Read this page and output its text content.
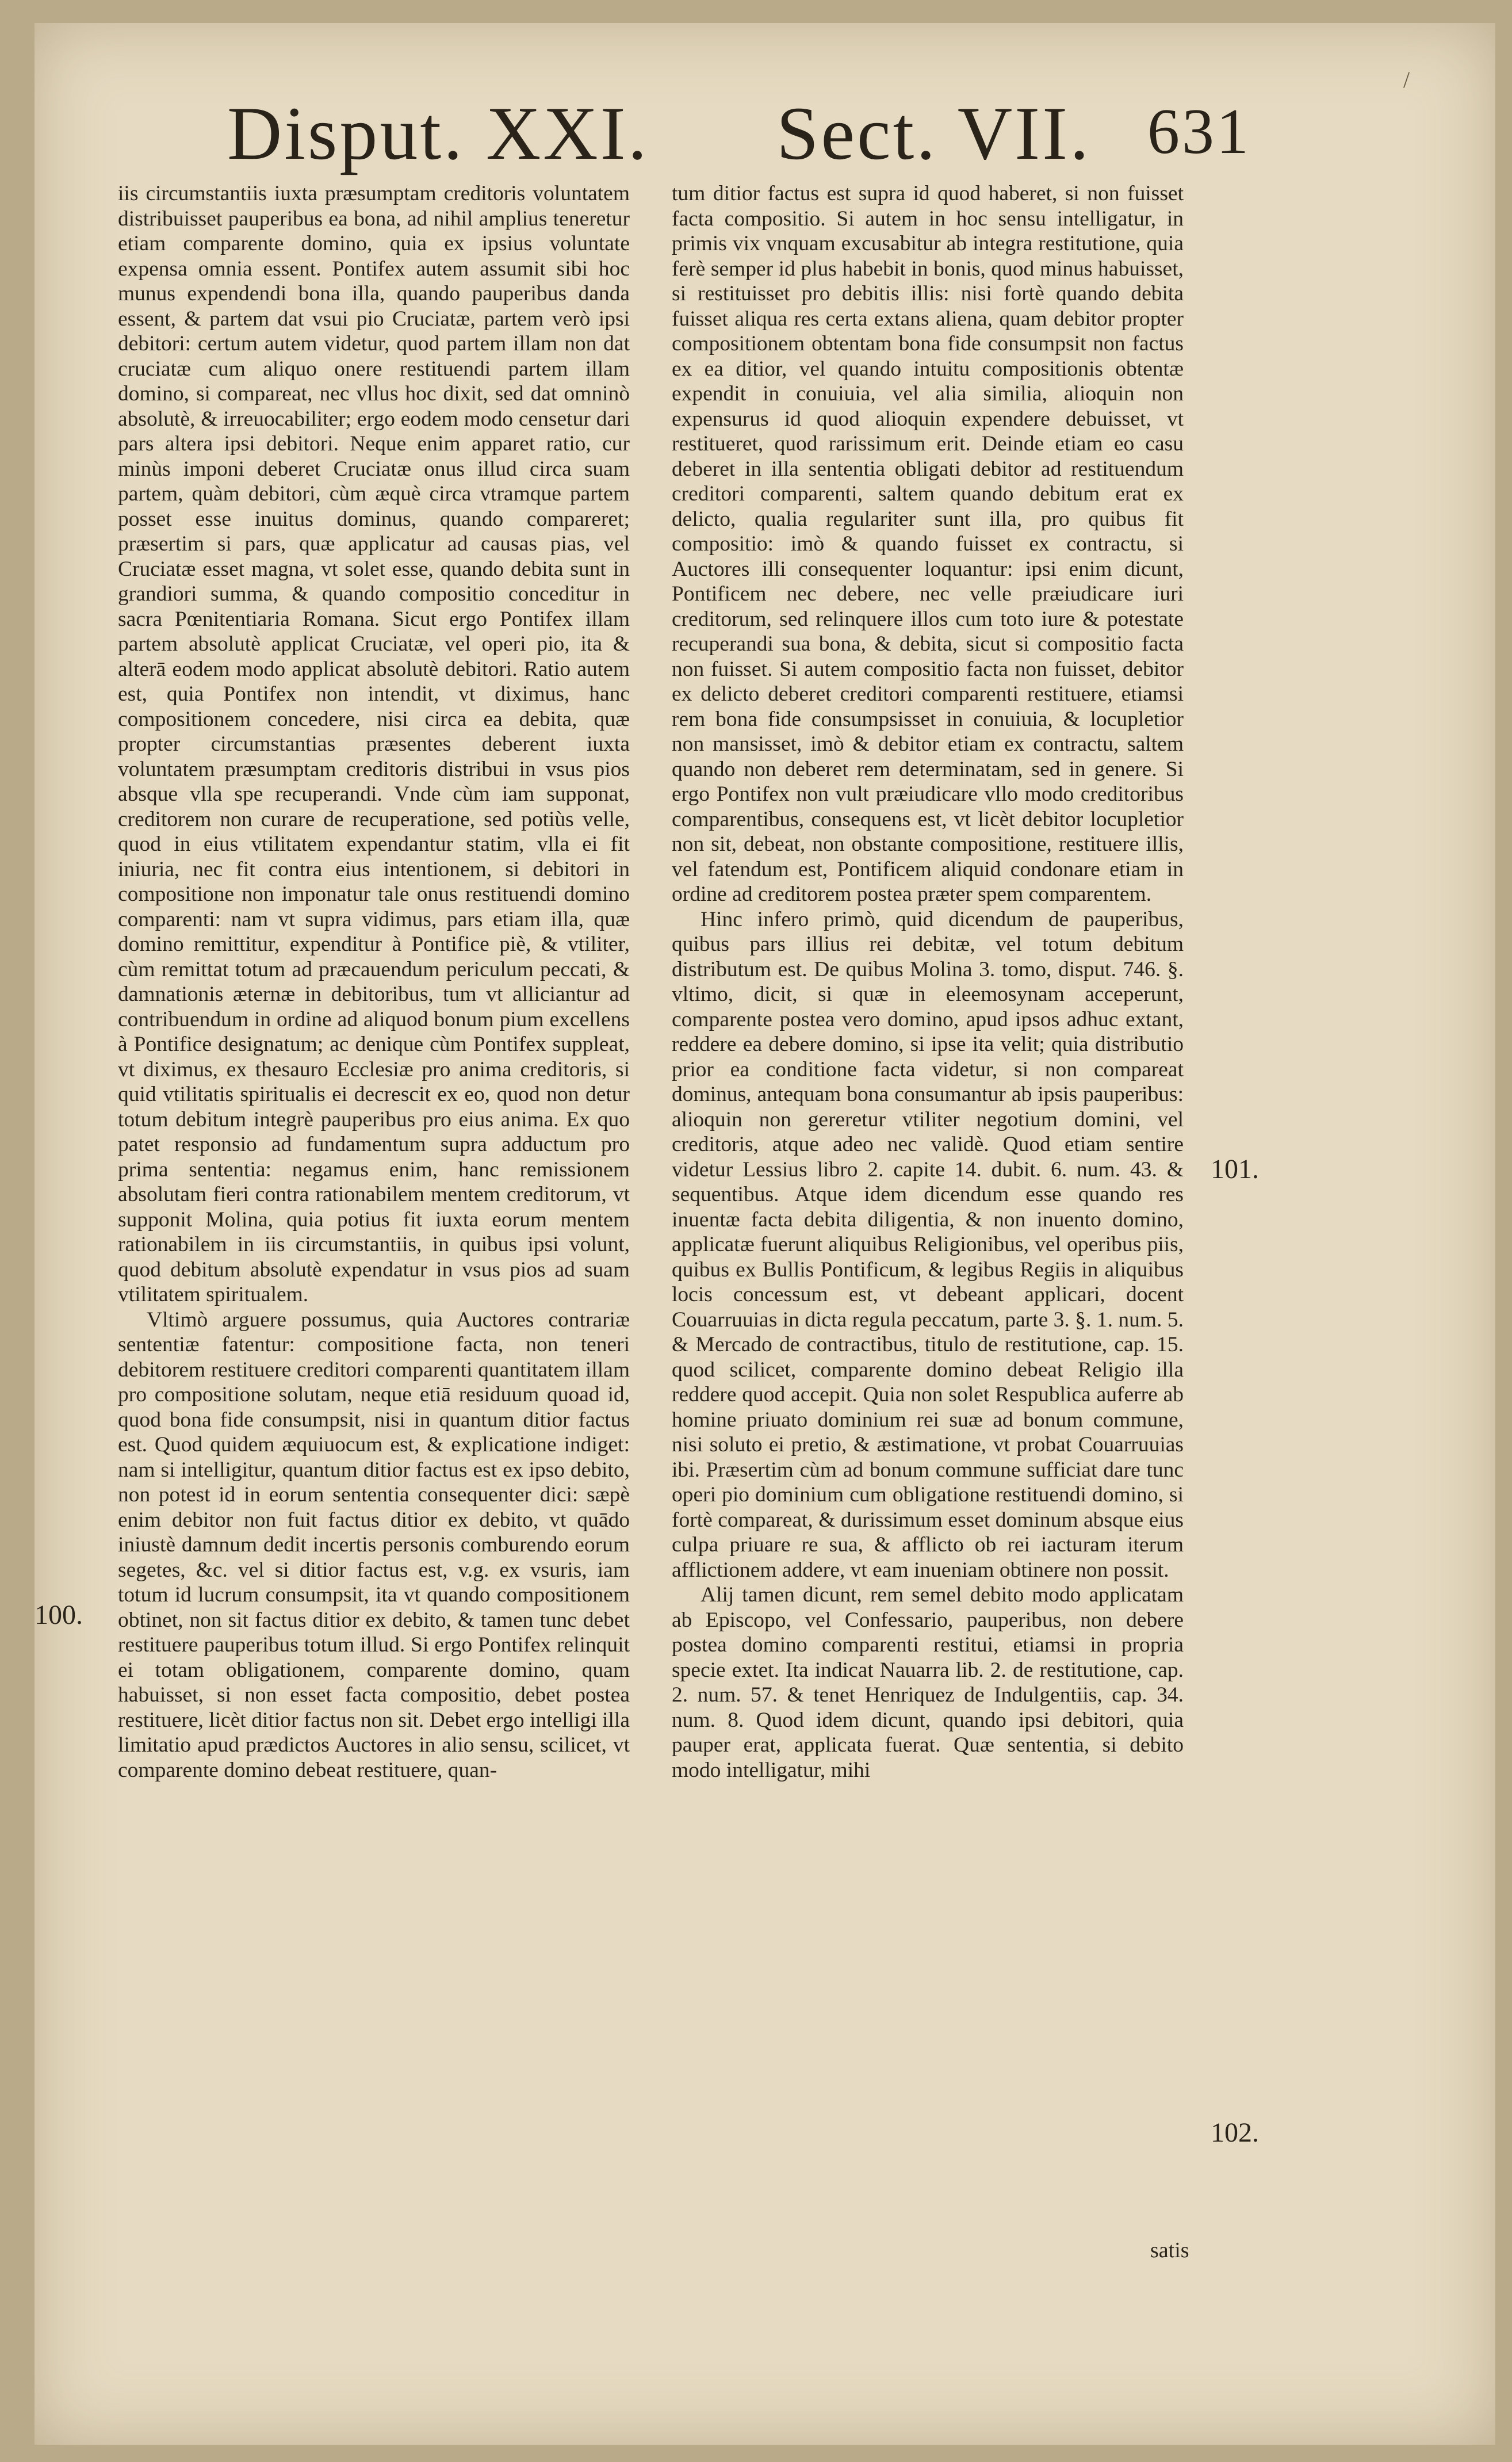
/
Disput. XXI. Sect. VII. 631

iis circumstantiis iuxta præsumptam creditoris voluntatem distribuisset pauperibus ea bona, ad nihil amplius teneretur etiam comparente domino, quia ex ipsius voluntate expensa omnia essent. Pontifex autem assumit sibi hoc munus expendendi bona illa, quando pauperibus danda essent, & partem dat vsui pio Cruciatæ, partem verò ipsi debitori: certum autem videtur, quod partem illam non dat cruciatæ cum aliquo onere restituendi partem illam domino, si compareat, nec vllus hoc dixit, sed dat omninò absolutè, & irreuocabiliter; ergo eodem modo censetur dari pars altera ipsi debitori. Neque enim apparet ratio, cur minùs imponi deberet Cruciatæ onus illud circa suam partem, quàm debitori, cùm æquè circa vtramque partem posset esse inuitus dominus, quando compareret; præsertim si pars, quæ applicatur ad causas pias, vel Cruciatæ esset magna, vt solet esse, quando debita sunt in grandiori summa, & quando compositio conceditur in sacra Pœnitentiaria Romana. Sicut ergo Pontifex illam partem absolutè applicat Cruciatæ, vel operi pio, ita & alterā eodem modo applicat absolutè debitori. Ratio autem est, quia Pontifex non intendit, vt diximus, hanc compositionem concedere, nisi circa ea debita, quæ propter circumstantias præsentes deberent iuxta voluntatem præsumptam creditoris distribui in vsus pios absque vlla spe recuperandi. Vnde cùm iam supponat, creditorem non curare de recuperatione, sed potiùs velle, quod in eius vtilitatem expendantur statim, vlla ei fit iniuria, nec fit contra eius intentionem, si debitori in compositione non imponatur tale onus restituendi domino comparenti: nam vt supra vidimus, pars etiam illa, quæ domino remittitur, expenditur à Pontifice piè, & vtiliter, cùm remittat totum ad præcauendum periculum peccati, & damnationis æternæ in debitoribus, tum vt alliciantur ad contribuendum in ordine ad aliquod bonum pium excellens à Pontifice designatum; ac denique cùm Pontifex suppleat, vt diximus, ex thesauro Ecclesiæ pro anima creditoris, si quid vtilitatis spiritualis ei decrescit ex eo, quod non detur totum debitum integrè pauperibus pro eius anima. Ex quo patet responsio ad fundamentum supra adductum pro prima sententia: negamus enim, hanc remissionem absolutam fieri contra rationabilem mentem creditorum, vt supponit Molina, quia potius fit iuxta eorum mentem rationabilem in iis circumstantiis, in quibus ipsi volunt, quod debitum absolutè expendatur in vsus pios ad suam vtilitatem spiritualem.

Vltimò arguere possumus, quia Auctores contrariæ sententiæ fatentur: compositione facta, non teneri debitorem restituere creditori comparenti quantitatem illam pro compositione solutam, neque etiā residuum quoad id, quod bona fide consumpsit, nisi in quantum ditior factus est. Quod quidem æquiuocum est, & explicatione indiget: nam si intelligitur, quantum ditior factus est ex ipso debito, non potest id in eorum sententia consequenter dici: sæpè enim debitor non fuit factus ditior ex debito, vt quādo iniustè damnum dedit incertis personis comburendo eorum segetes, &c. vel si ditior factus est, v.g. ex vsuris, iam totum id lucrum consumpsit, ita vt quando compositionem obtinet, non sit factus ditior ex debito, & tamen tunc debet restituere pauperibus totum illud. Si ergo Pontifex relinquit ei totam obligationem, comparente domino, quam habuisset, si non esset facta compositio, debet postea restituere, licèt ditior factus non sit. Debet ergo intelligi illa limitatio apud prædictos Auctores in alio sensu, scilicet, vt comparente domino debeat restituere, quan-

tum ditior factus est supra id quod haberet, si non fuisset facta compositio. Si autem in hoc sensu intelligatur, in primis vix vnquam excusabitur ab integra restitutione, quia ferè semper id plus habebit in bonis, quod minus habuisset, si restituisset pro debitis illis: nisi fortè quando debita fuisset aliqua res certa extans aliena, quam debitor propter compositionem obtentam bona fide consumpsit non factus ex ea ditior, vel quando intuitu compositionis obtentæ expendit in conuiuia, vel alia similia, alioquin non expensurus id quod alioquin expendere debuisset, vt restitueret, quod rarissimum erit. Deinde etiam eo casu deberet in illa sententia obligati debitor ad restituendum creditori comparenti, saltem quando debitum erat ex delicto, qualia regulariter sunt illa, pro quibus fit compositio: imò & quando fuisset ex contractu, si Auctores illi consequenter loquantur: ipsi enim dicunt, Pontificem nec debere, nec velle præiudicare iuri creditorum, sed relinquere illos cum toto iure & potestate recuperandi sua bona, & debita, sicut si compositio facta non fuisset. Si autem compositio facta non fuisset, debitor ex delicto deberet creditori comparenti restituere, etiamsi rem bona fide consumpsisset in conuiuia, & locupletior non mansisset, imò & debitor etiam ex contractu, saltem quando non deberet rem determinatam, sed in genere. Si ergo Pontifex non vult præiudicare vllo modo creditoribus comparentibus, consequens est, vt licèt debitor locupletior non sit, debeat, non obstante compositione, restituere illis, vel fatendum est, Pontificem aliquid condonare etiam in ordine ad creditorem postea præter spem comparentem.

Hinc infero primò, quid dicendum de pauperibus, quibus pars illius rei debitæ, vel totum debitum distributum est. De quibus Molina 3. tomo, disput. 746. §. vltimo, dicit, si quæ in eleemosynam acceperunt, comparente postea vero domino, apud ipsos adhuc extant, reddere ea debere domino, si ipse ita velit; quia distributio prior ea conditione facta videtur, si non compareat dominus, antequam bona consumantur ab ipsis pauperibus: alioquin non gereretur vtiliter negotium domini, vel creditoris, atque adeo nec validè. Quod etiam sentire videtur Lessius libro 2. capite 14. dubit. 6. num. 43. & sequentibus. Atque idem dicendum esse quando res inuentæ facta debita diligentia, & non inuento domino, applicatæ fuerunt aliquibus Religionibus, vel operibus piis, quibus ex Bullis Pontificum, & legibus Regiis in aliquibus locis concessum est, vt debeant applicari, docent Couarruuias in dicta regula peccatum, parte 3. §. 1. num. 5. & Mercado de contractibus, titulo de restitutione, cap. 15. quod scilicet, comparente domino debeat Religio illa reddere quod accepit. Quia non solet Respublica auferre ab homine priuato dominium rei suæ ad bonum commune, nisi soluto ei pretio, & æstimatione, vt probat Couarruuias ibi. Præsertim cùm ad bonum commune sufficiat dare tunc operi pio dominium cum obligatione restituendi domino, si fortè compareat, & durissimum esset dominum absque eius culpa priuare re sua, & afflicto ob rei iacturam iterum afflictionem addere, vt eam inueniam obtinere non possit.

Alij tamen dicunt, rem semel debito modo applicatam ab Episcopo, vel Confessario, pauperibus, non debere postea domino comparenti restitui, etiamsi in propria specie extet. Ita indicat Nauarra lib. 2. de restitutione, cap. 2. num. 57. & tenet Henriquez de Indulgentiis, cap. 34. num. 8. Quod idem dicunt, quando ipsi debitori, quia pauper erat, applicata fuerat. Quæ sententia, si debito modo intelligatur, mihi

100.
101.
102.
satis
